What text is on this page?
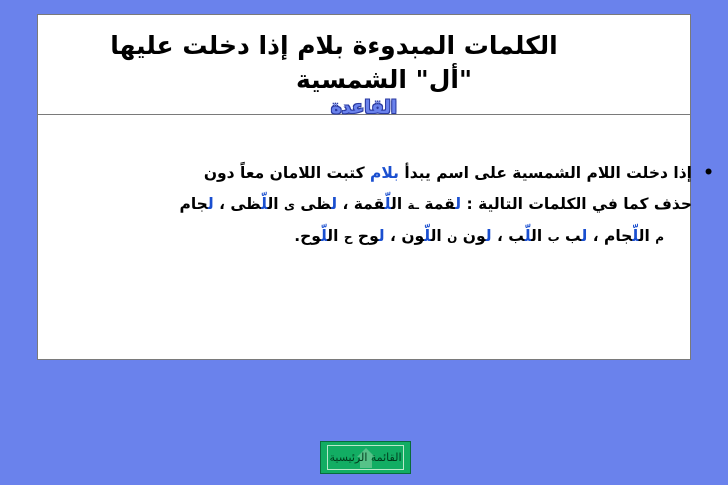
الكلمات المبدوءة بلام إذا دخلت عليها
"أل" الشمسية
القاعدة
•
إذا دخلت اللام الشمسية على اسم يبدأ بلام كتبت اللامان معاً دون
حذف كما في الكلمات التالية : لقمة ـة اللّقمة ، لظى ى اللّظى ، لجام
م اللّجام ، لب ب اللّب ، لون ن اللّون ، لوح ح اللّوح.
القائمة الرئيسية
